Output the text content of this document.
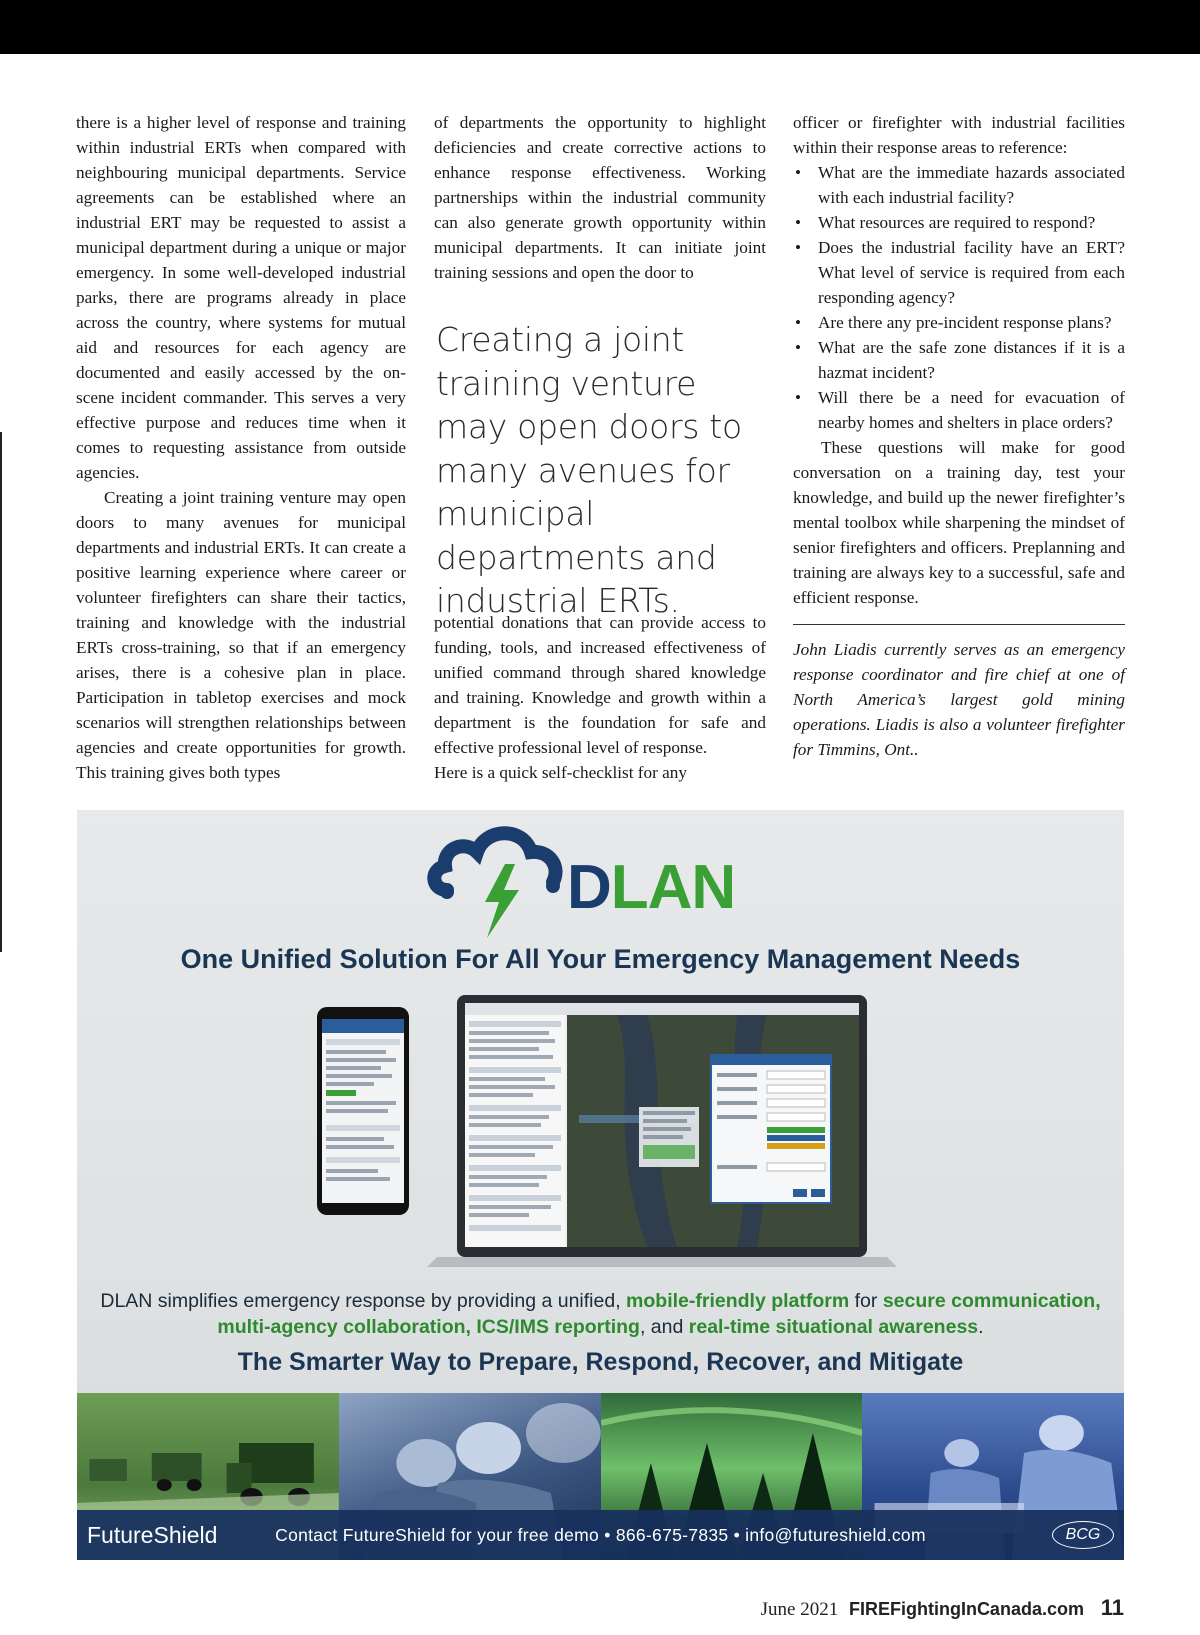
there is a higher level of response and training within industrial ERTs when compared with neighbouring municipal departments. Service agreements can be established where an industrial ERT may be requested to assist a municipal department during a unique or major emergency. In some well-developed industrial parks, there are programs already in place across the country, where systems for mutual aid and resources for each agency are documented and easily accessed by the on-scene incident commander. This serves a very effective purpose and reduces time when it comes to requesting assistance from outside agencies.

Creating a joint training venture may open doors to many avenues for municipal departments and industrial ERTs. It can create a positive learning experience where career or volunteer firefighters can share their tactics, training and knowledge with the industrial ERTs cross-training, so that if an emergency arises, there is a cohesive plan in place. Participation in tabletop exercises and mock scenarios will strengthen relationships between agencies and create opportunities for growth. This training gives both types

of departments the opportunity to highlight deficiencies and create corrective actions to enhance response effectiveness. Working partnerships within the industrial community can also generate growth opportunity within municipal departments. It can initiate joint training sessions and open the door to

Creating a joint training venture may open doors to many avenues for municipal departments and industrial ERTs.

potential donations that can provide access to funding, tools, and increased effectiveness of unified command through shared knowledge and training. Knowledge and growth within a department is the foundation for safe and effective professional level of response.

Here is a quick self-checklist for any

officer or firefighter with industrial facilities within their response areas to reference:

• What are the immediate hazards associated with each industrial facility?
• What resources are required to respond?
• Does the industrial facility have an ERT?What level of service is required from each responding agency?
• Are there any pre-incident response plans?
• What are the safe zone distances if it is a hazmat incident?
• Will there be a need for evacuation of nearby homes and shelters in place orders?

These questions will make for good conversation on a training day, test your knowledge, and build up the newer firefighter’s mental toolbox while sharpening the mindset of senior firefighters and officers. Preplanning and training are always key to a successful, safe and efficient response.

John Liadis currently serves as an emergency response coordinator and fire chief at one of North America’s largest gold mining operations. Liadis is also a volunteer firefighter for Timmins, Ont..
DLAN
One Unified Solution For All Your Emergency Management Needs
DLAN simplifies emergency response by providing a unified, mobile-friendly platform for secure communication, multi-agency collaboration, ICS/IMS reporting, and real-time situational awareness.
The Smarter Way to Prepare, Respond, Recover, and Mitigate
FutureShield	Contact FutureShield for your free demo • 866-675-7835 • info@futureshield.com	BCG
June 2021 FIREFightingInCanada.com 11
